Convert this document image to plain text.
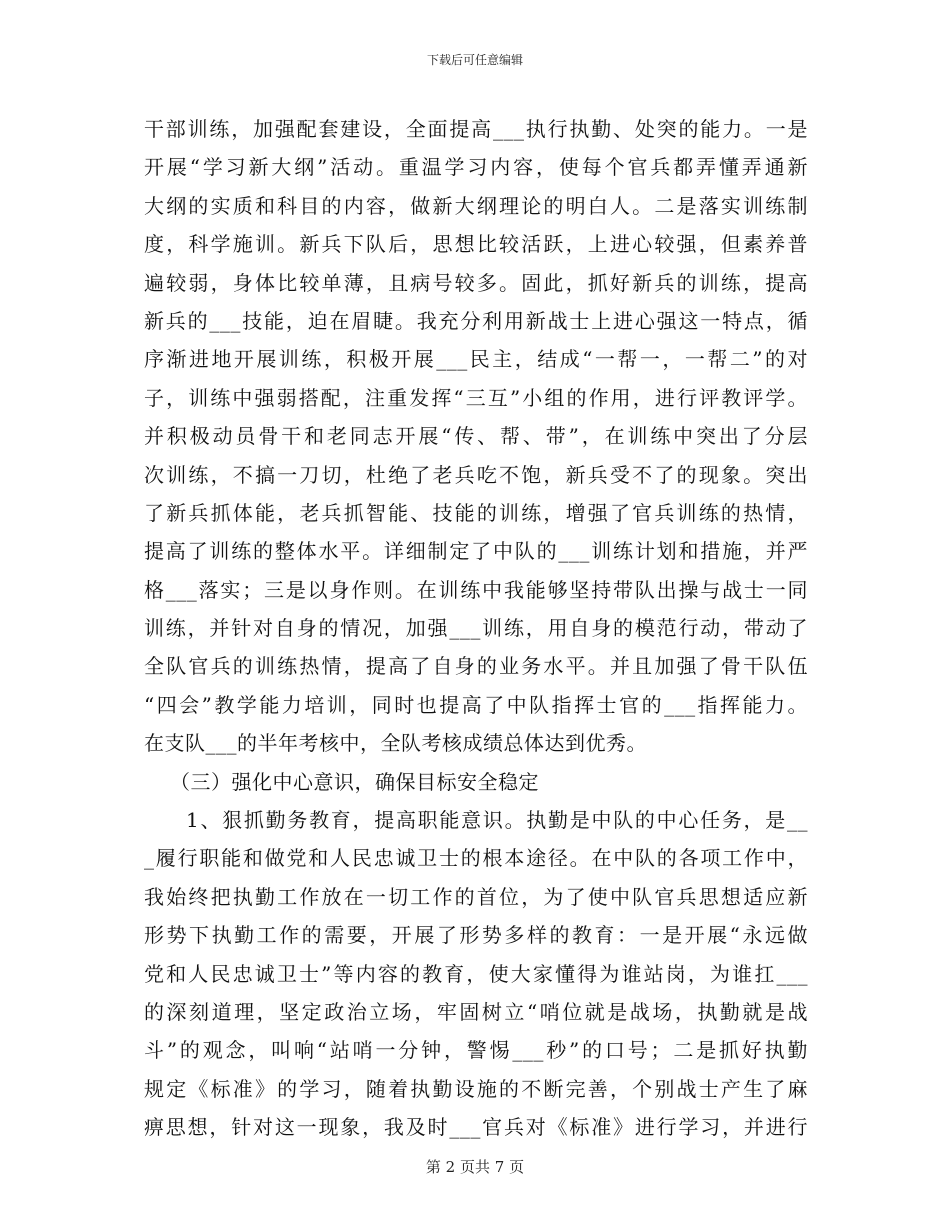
下载后可任意编辑
干部训练，加强配套建设，全面提高___执行执勤、处突的能力。一是
开展“学习新大纲”活动。重温学习内容，使每个官兵都弄懂弄通新
大纲的实质和科目的内容，做新大纲理论的明白人。二是落实训练制
度，科学施训。新兵下队后，思想比较活跃，上进心较强，但素养普
遍较弱，身体比较单薄，且病号较多。固此，抓好新兵的训练，提高
新兵的___技能，迫在眉睫。我充分利用新战士上进心强这一特点，循
序渐进地开展训练，积极开展___民主，结成“一帮一，一帮二”的对
子，训练中强弱搭配，注重发挥“三互”小组的作用，进行评教评学。
并积极动员骨干和老同志开展“传、帮、带”，在训练中突出了分层
次训练，不搞一刀切，杜绝了老兵吃不饱，新兵受不了的现象。突出
了新兵抓体能，老兵抓智能、技能的训练，增强了官兵训练的热情，
提高了训练的整体水平。详细制定了中队的___训练计划和措施，并严
格___落实；三是以身作则。在训练中我能够坚持带队出操与战士一同
训练，并针对自身的情况，加强___训练，用自身的模范行动，带动了
全队官兵的训练热情，提高了自身的业务水平。并且加强了骨干队伍
“四会”教学能力培训，同时也提高了中队指挥士官的___指挥能力。
在支队___的半年考核中，全队考核成绩总体达到优秀。
（三）强化中心意识，确保目标安全稳定
1、狠抓勤务教育，提高职能意识。执勤是中队的中心任务，是__
_履行职能和做党和人民忠诚卫士的根本途径。在中队的各项工作中，
我始终把执勤工作放在一切工作的首位，为了使中队官兵思想适应新
形势下执勤工作的需要，开展了形势多样的教育：一是开展“永远做
党和人民忠诚卫士”等内容的教育，使大家懂得为谁站岗，为谁扛___
的深刻道理，坚定政治立场，牢固树立“哨位就是战场，执勤就是战
斗”的观念，叫响“站哨一分钟，警惕___秒”的口号；二是抓好执勤
规定《标准》的学习，随着执勤设施的不断完善，个别战士产生了麻
痹思想，针对这一现象，我及时___官兵对《标准》进行学习，并进行
第 2 页共 7 页
